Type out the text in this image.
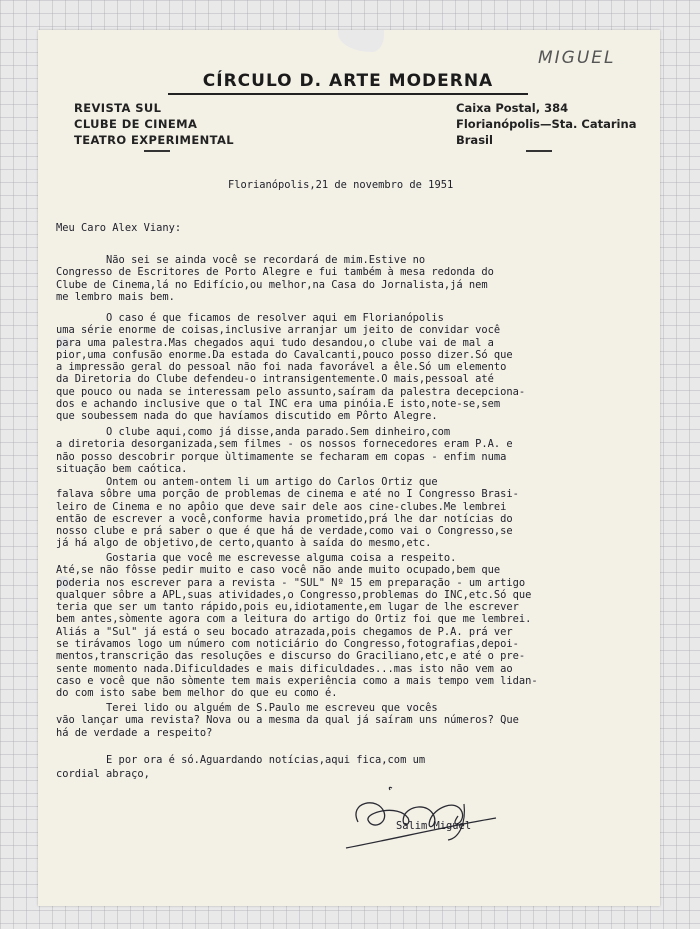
MIGUEL
CÍRCULO D. ARTE MODERNA
REVISTA SUL
CLUBE DE CINEMA
TEATRO EXPERIMENTAL
Caixa Postal, 384
Florianópolis—Sta. Catarina
Brasil
Florianópolis,21 de novembro de 1951
Meu Caro Alex Viany:
Não sei se ainda você se recordará de mim.Estive no
Congresso de Escritores de Porto Alegre e fui também à mesa redonda do
Clube de Cinema,lá no Edifício,ou melhor,na Casa do Jornalista,já nem
me lembro mais bem.
O caso é que ficamos de resolver aqui em Florianópolis
uma série enorme de coisas,inclusive arranjar um jeito de convidar você
para uma palestra.Mas chegados aqui tudo desandou,o clube vai de mal a
pior,uma confusão enorme.Da estada do Cavalcanti,pouco posso dizer.Só que
a impressão geral do pessoal não foi nada favorável a êle.Só um elemento
da Diretoria do Clube defendeu-o intransigentemente.O mais,pessoal até
que pouco ou nada se interessam pelo assunto,saíram da palestra decepciona-
dos e achando inclusive que o tal INC era uma pinóia.E isto,note-se,sem
que soubessem nada do que havíamos discutido em Pôrto Alegre.
O clube aqui,como já disse,anda parado.Sem dinheiro,com
a diretoria desorganizada,sem filmes - os nossos fornecedores eram P.A. e
não posso descobrir porque ùltimamente se fecharam em copas - enfim numa
situação bem caótica.
Ontem ou antem-ontem li um artigo do Carlos Ortiz que
falava sôbre uma porção de problemas de cinema e até no I Congresso Brasi-
leiro de Cinema e no apôio que deve sair dele aos cine-clubes.Me lembrei
então de escrever a você,conforme havia prometido,prá lhe dar notícias do
nosso clube e prá saber o que é que há de verdade,como vai o Congresso,se
já há algo de objetivo,de certo,quanto à saída do mesmo,etc.
Gostaria que você me escrevesse alguma coisa a respeito.
Até,se não fôsse pedir muito e caso você não ande muito ocupado,bem que
poderia nos escrever para a revista - "SUL" Nº 15 em preparação - um artigo
qualquer sôbre a APL,suas atividades,o Congresso,problemas do INC,etc.Só que
teria que ser um tanto rápido,pois eu,idiotamente,em lugar de lhe escrever
bem antes,sòmente agora com a leitura do artigo do Ortiz foi que me lembrei.
Aliás a "Sul" já está o seu bocado atrazada,pois chegamos de P.A. prá ver
se tirávamos logo um número com noticiário do Congresso,fotografias,depoi-
mentos,transcrição das resoluções e discurso do Graciliano,etc,e até o pre-
sente momento nada.Dificuldades e mais dificuldades...mas isto não vem ao
caso e você que não sòmente tem mais experiência como a mais tempo vem lidan-
do com isto sabe bem melhor do que eu como é.
Terei lido ou alguém de S.Paulo me escreveu que vocês
vão lançar uma revista? Nova ou a mesma da qual já saíram uns números? Que
há de verdade a respeito?
E por ora é só.Aguardando notícias,aqui fica,com um
cordial abraço,
Salim Miguel
